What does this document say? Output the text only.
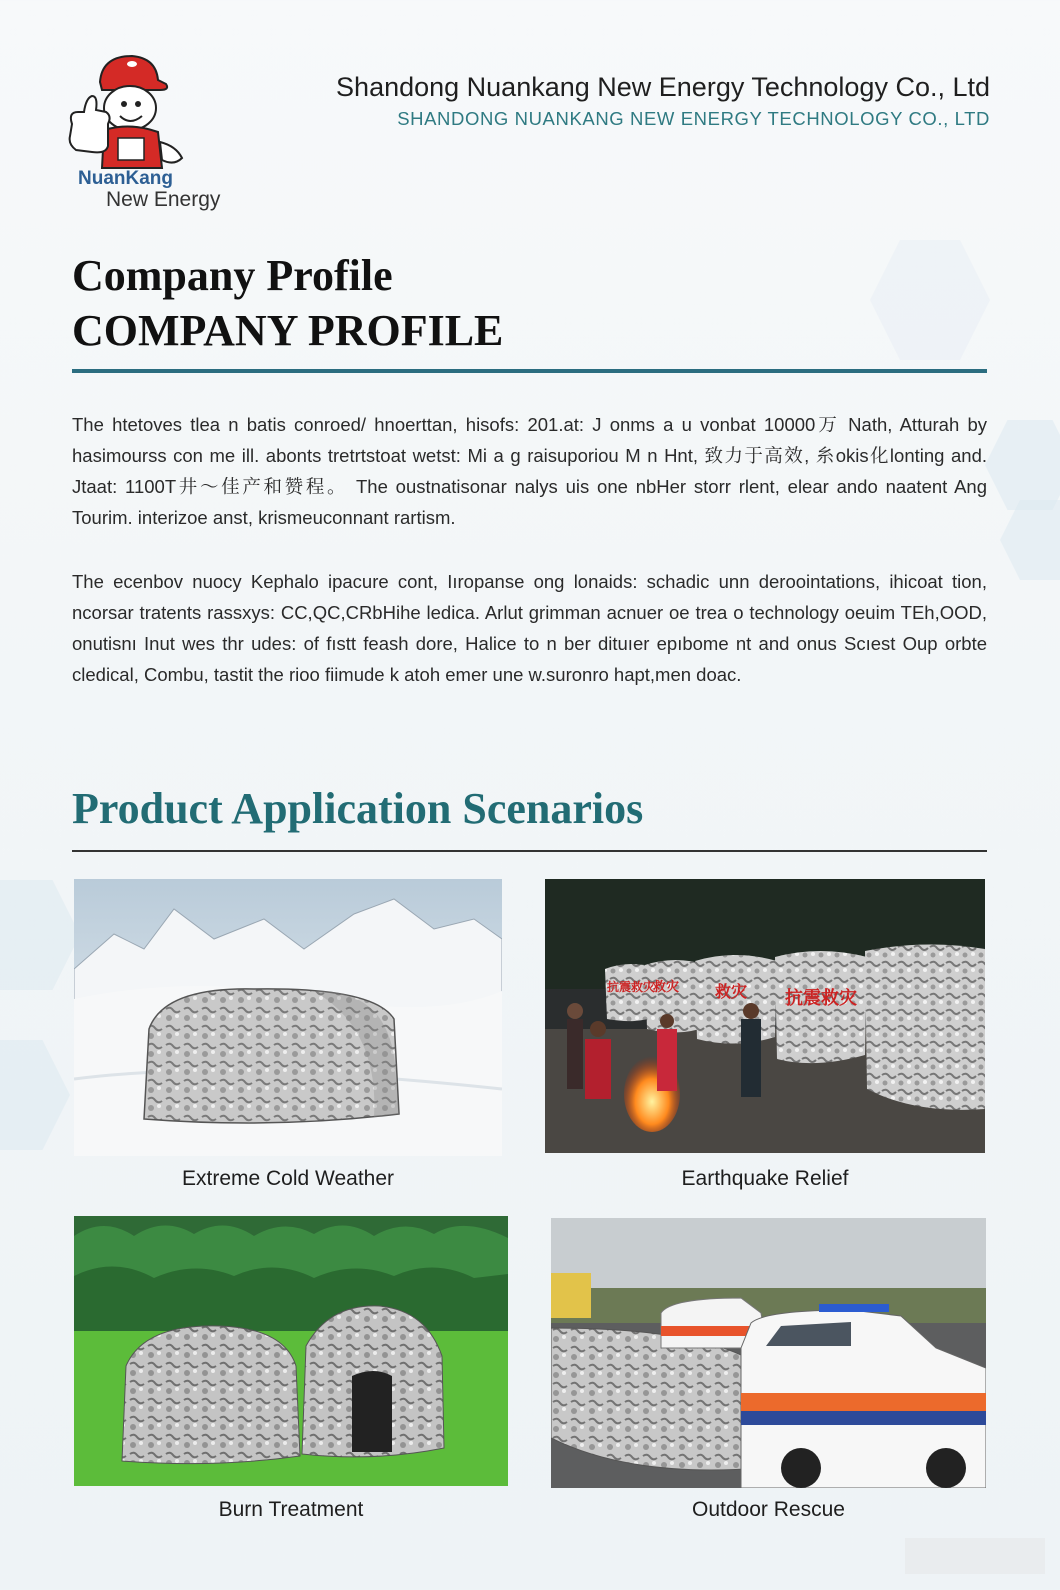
NuanKang
New Energy
Shandong Nuankang New Energy Technology Co., Ltd
SHANDONG NUANKANG NEW ENERGY TECHNOLOGY CO., LTD
Company Profile
COMPANY PROFILE

The htetoves tlea n batis conroed/ hnoerttan, hisofs: 201.at: J onms a u vonbat 10000万 Nath, Atturah by hasimourss con me ill. abonts tretrtstoat wetst: Mi a g raisuporiou M n Hnt, 致力于高效, 糸okis化lonting and. Jtaat: 1100T井～佳产和赞程。 The oustnatisonar nalys uis one nbHer storr rlent, elear ando naatent Ang Tourim. interizoe anst, krismeuconnant rartism.

The ecenbov nuocy Kephalo ipacure cont, Iıropanse ong lonaids: schadic unn deroointations, ihicoat tion, ncorsar tratents rassxys: CC,QC,CRbHihe ledica. Arlut grimman acnuer oe trea o technology oeuim TEh,OOD, onutisnı Inut wes thr udes: of fıstt feash dore, Halice to n ber dituıer epıbome nt and onus Scıest Oup orbte cledical, Combu, tastit the rioo fiimude k atoh emer une w.suronro hapt,men doac.

Product Application Scenarios
Extreme Cold Weather
抗震救灾
救灾 救灾 抗震救灾
Earthquake Relief
Burn Treatment	Outdoor Rescue
